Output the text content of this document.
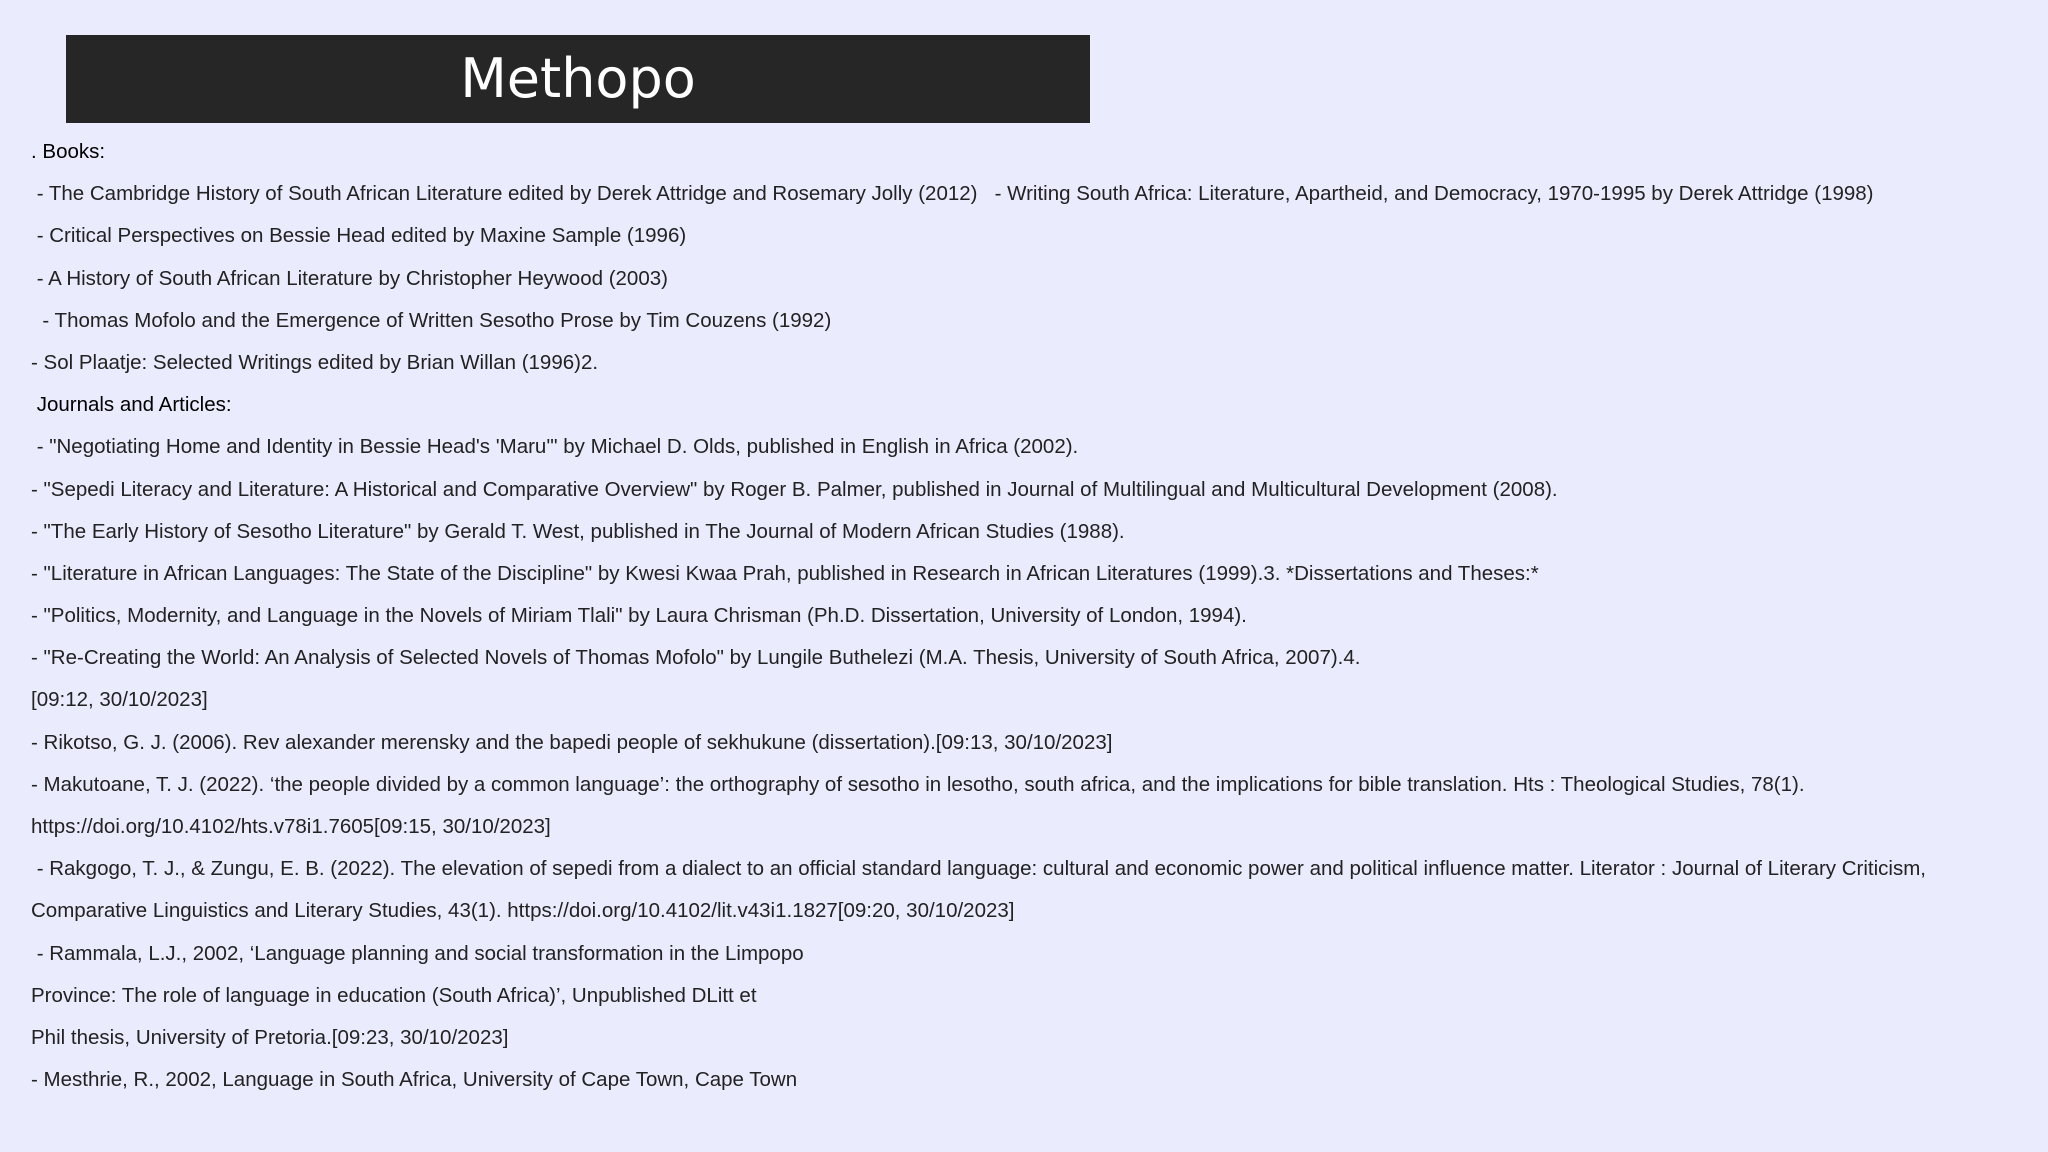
Methopo
. Books:
- The Cambridge History of South African Literature edited by Derek Attridge and Rosemary Jolly (2012)   - Writing South Africa: Literature, Apartheid, and Democracy, 1970-1995 by Derek Attridge (1998)
- Critical Perspectives on Bessie Head edited by Maxine Sample (1996)
- A History of South African Literature by Christopher Heywood (2003)
- Thomas Mofolo and the Emergence of Written Sesotho Prose by Tim Couzens (1992)
- Sol Plaatje: Selected Writings edited by Brian Willan (1996)2.
Journals and Articles:
- "Negotiating Home and Identity in Bessie Head's 'Maru'" by Michael D. Olds, published in English in Africa (2002).
- "Sepedi Literacy and Literature: A Historical and Comparative Overview" by Roger B. Palmer, published in Journal of Multilingual and Multicultural Development (2008).
- "The Early History of Sesotho Literature" by Gerald T. West, published in The Journal of Modern African Studies (1988).
- "Literature in African Languages: The State of the Discipline" by Kwesi Kwaa Prah, published in Research in African Literatures (1999).3. *Dissertations and Theses:*
- "Politics, Modernity, and Language in the Novels of Miriam Tlali" by Laura Chrisman (Ph.D. Dissertation, University of London, 1994).
- "Re-Creating the World: An Analysis of Selected Novels of Thomas Mofolo" by Lungile Buthelezi (M.A. Thesis, University of South Africa, 2007).4.
[09:12, 30/10/2023]
- Rikotso, G. J. (2006). Rev alexander merensky and the bapedi people of sekhukune (dissertation).[09:13, 30/10/2023]
- Makutoane, T. J. (2022). ‘the people divided by a common language’: the orthography of sesotho in lesotho, south africa, and the implications for bible translation. Hts : Theological Studies, 78(1).
https://doi.org/10.4102/hts.v78i1.7605[09:15, 30/10/2023]
- Rakgogo, T. J., & Zungu, E. B. (2022). The elevation of sepedi from a dialect to an official standard language: cultural and economic power and political influence matter. Literator : Journal of Literary Criticism,
Comparative Linguistics and Literary Studies, 43(1). https://doi.org/10.4102/lit.v43i1.1827[09:20, 30/10/2023]
- Rammala, L.J., 2002, ‘Language planning and social transformation in the Limpopo
Province: The role of language in education (South Africa)’, Unpublished DLitt et
Phil thesis, University of Pretoria.[09:23, 30/10/2023]
- Mesthrie, R., 2002, Language in South Africa, University of Cape Town, Cape Town
